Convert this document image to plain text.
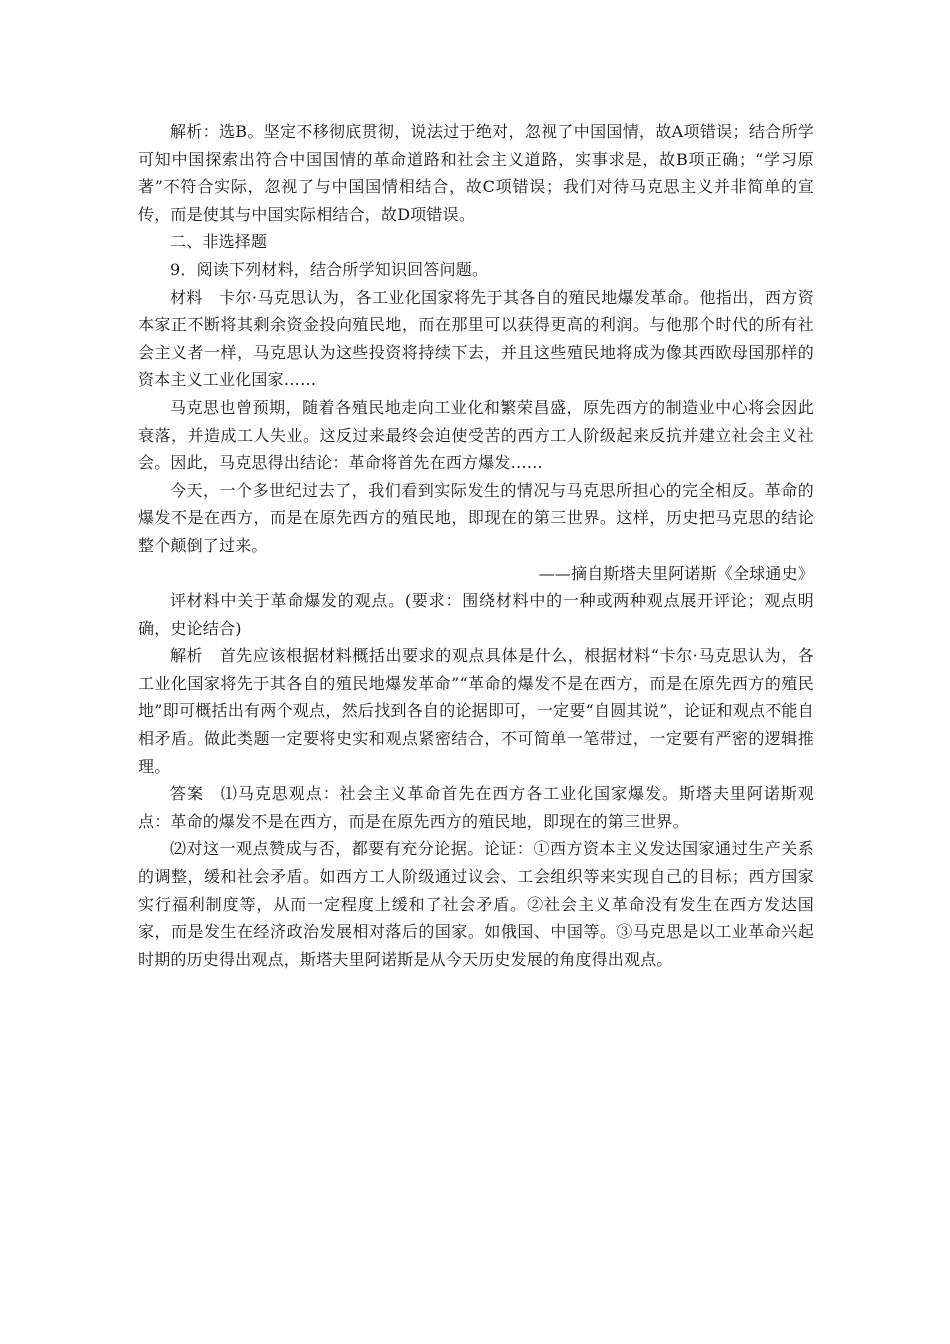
解析：选B。坚定不移彻底贯彻，说法过于绝对，忽视了中国国情，故A项错误；结合所学可知中国探索出符合中国国情的革命道路和社会主义道路，实事求是，故B项正确；“学习原著”不符合实际，忽视了与中国国情相结合，故C项错误；我们对待马克思主义并非简单的宣传，而是使其与中国实际相结合，故D项错误。

二、非选择题

9．阅读下列材料，结合所学知识回答问题。

材料　卡尔·马克思认为，各工业化国家将先于其各自的殖民地爆发革命。他指出，西方资本家正不断将其剩余资金投向殖民地，而在那里可以获得更高的利润。与他那个时代的所有社会主义者一样，马克思认为这些投资将持续下去，并且这些殖民地将成为像其西欧母国那样的资本主义工业化国家……

马克思也曾预期，随着各殖民地走向工业化和繁荣昌盛，原先西方的制造业中心将会因此衰落，并造成工人失业。这反过来最终会迫使受苦的西方工人阶级起来反抗并建立社会主义社会。因此，马克思得出结论：革命将首先在西方爆发……

今天，一个多世纪过去了，我们看到实际发生的情况与马克思所担心的完全相反。革命的爆发不是在西方，而是在原先西方的殖民地，即现在的第三世界。这样，历史把马克思的结论整个颠倒了过来。

——摘自斯塔夫里阿诺斯《全球通史》

评材料中关于革命爆发的观点。(要求：围绕材料中的一种或两种观点展开评论；观点明确，史论结合)

解析　首先应该根据材料概括出要求的观点具体是什么，根据材料“卡尔·马克思认为，各工业化国家将先于其各自的殖民地爆发革命”“革命的爆发不是在西方，而是在原先西方的殖民地”即可概括出有两个观点，然后找到各自的论据即可，一定要“自圆其说”，论证和观点不能自相矛盾。做此类题一定要将史实和观点紧密结合，不可简单一笔带过，一定要有严密的逻辑推理。

答案　⑴马克思观点：社会主义革命首先在西方各工业化国家爆发。斯塔夫里阿诺斯观点：革命的爆发不是在西方，而是在原先西方的殖民地，即现在的第三世界。

⑵对这一观点赞成与否，都要有充分论据。论证：①西方资本主义发达国家通过生产关系的调整，缓和社会矛盾。如西方工人阶级通过议会、工会组织等来实现自己的目标；西方国家实行福利制度等，从而一定程度上缓和了社会矛盾。②社会主义革命没有发生在西方发达国家，而是发生在经济政治发展相对落后的国家。如俄国、中国等。③马克思是以工业革命兴起时期的历史得出观点，斯塔夫里阿诺斯是从今天历史发展的角度得出观点。
